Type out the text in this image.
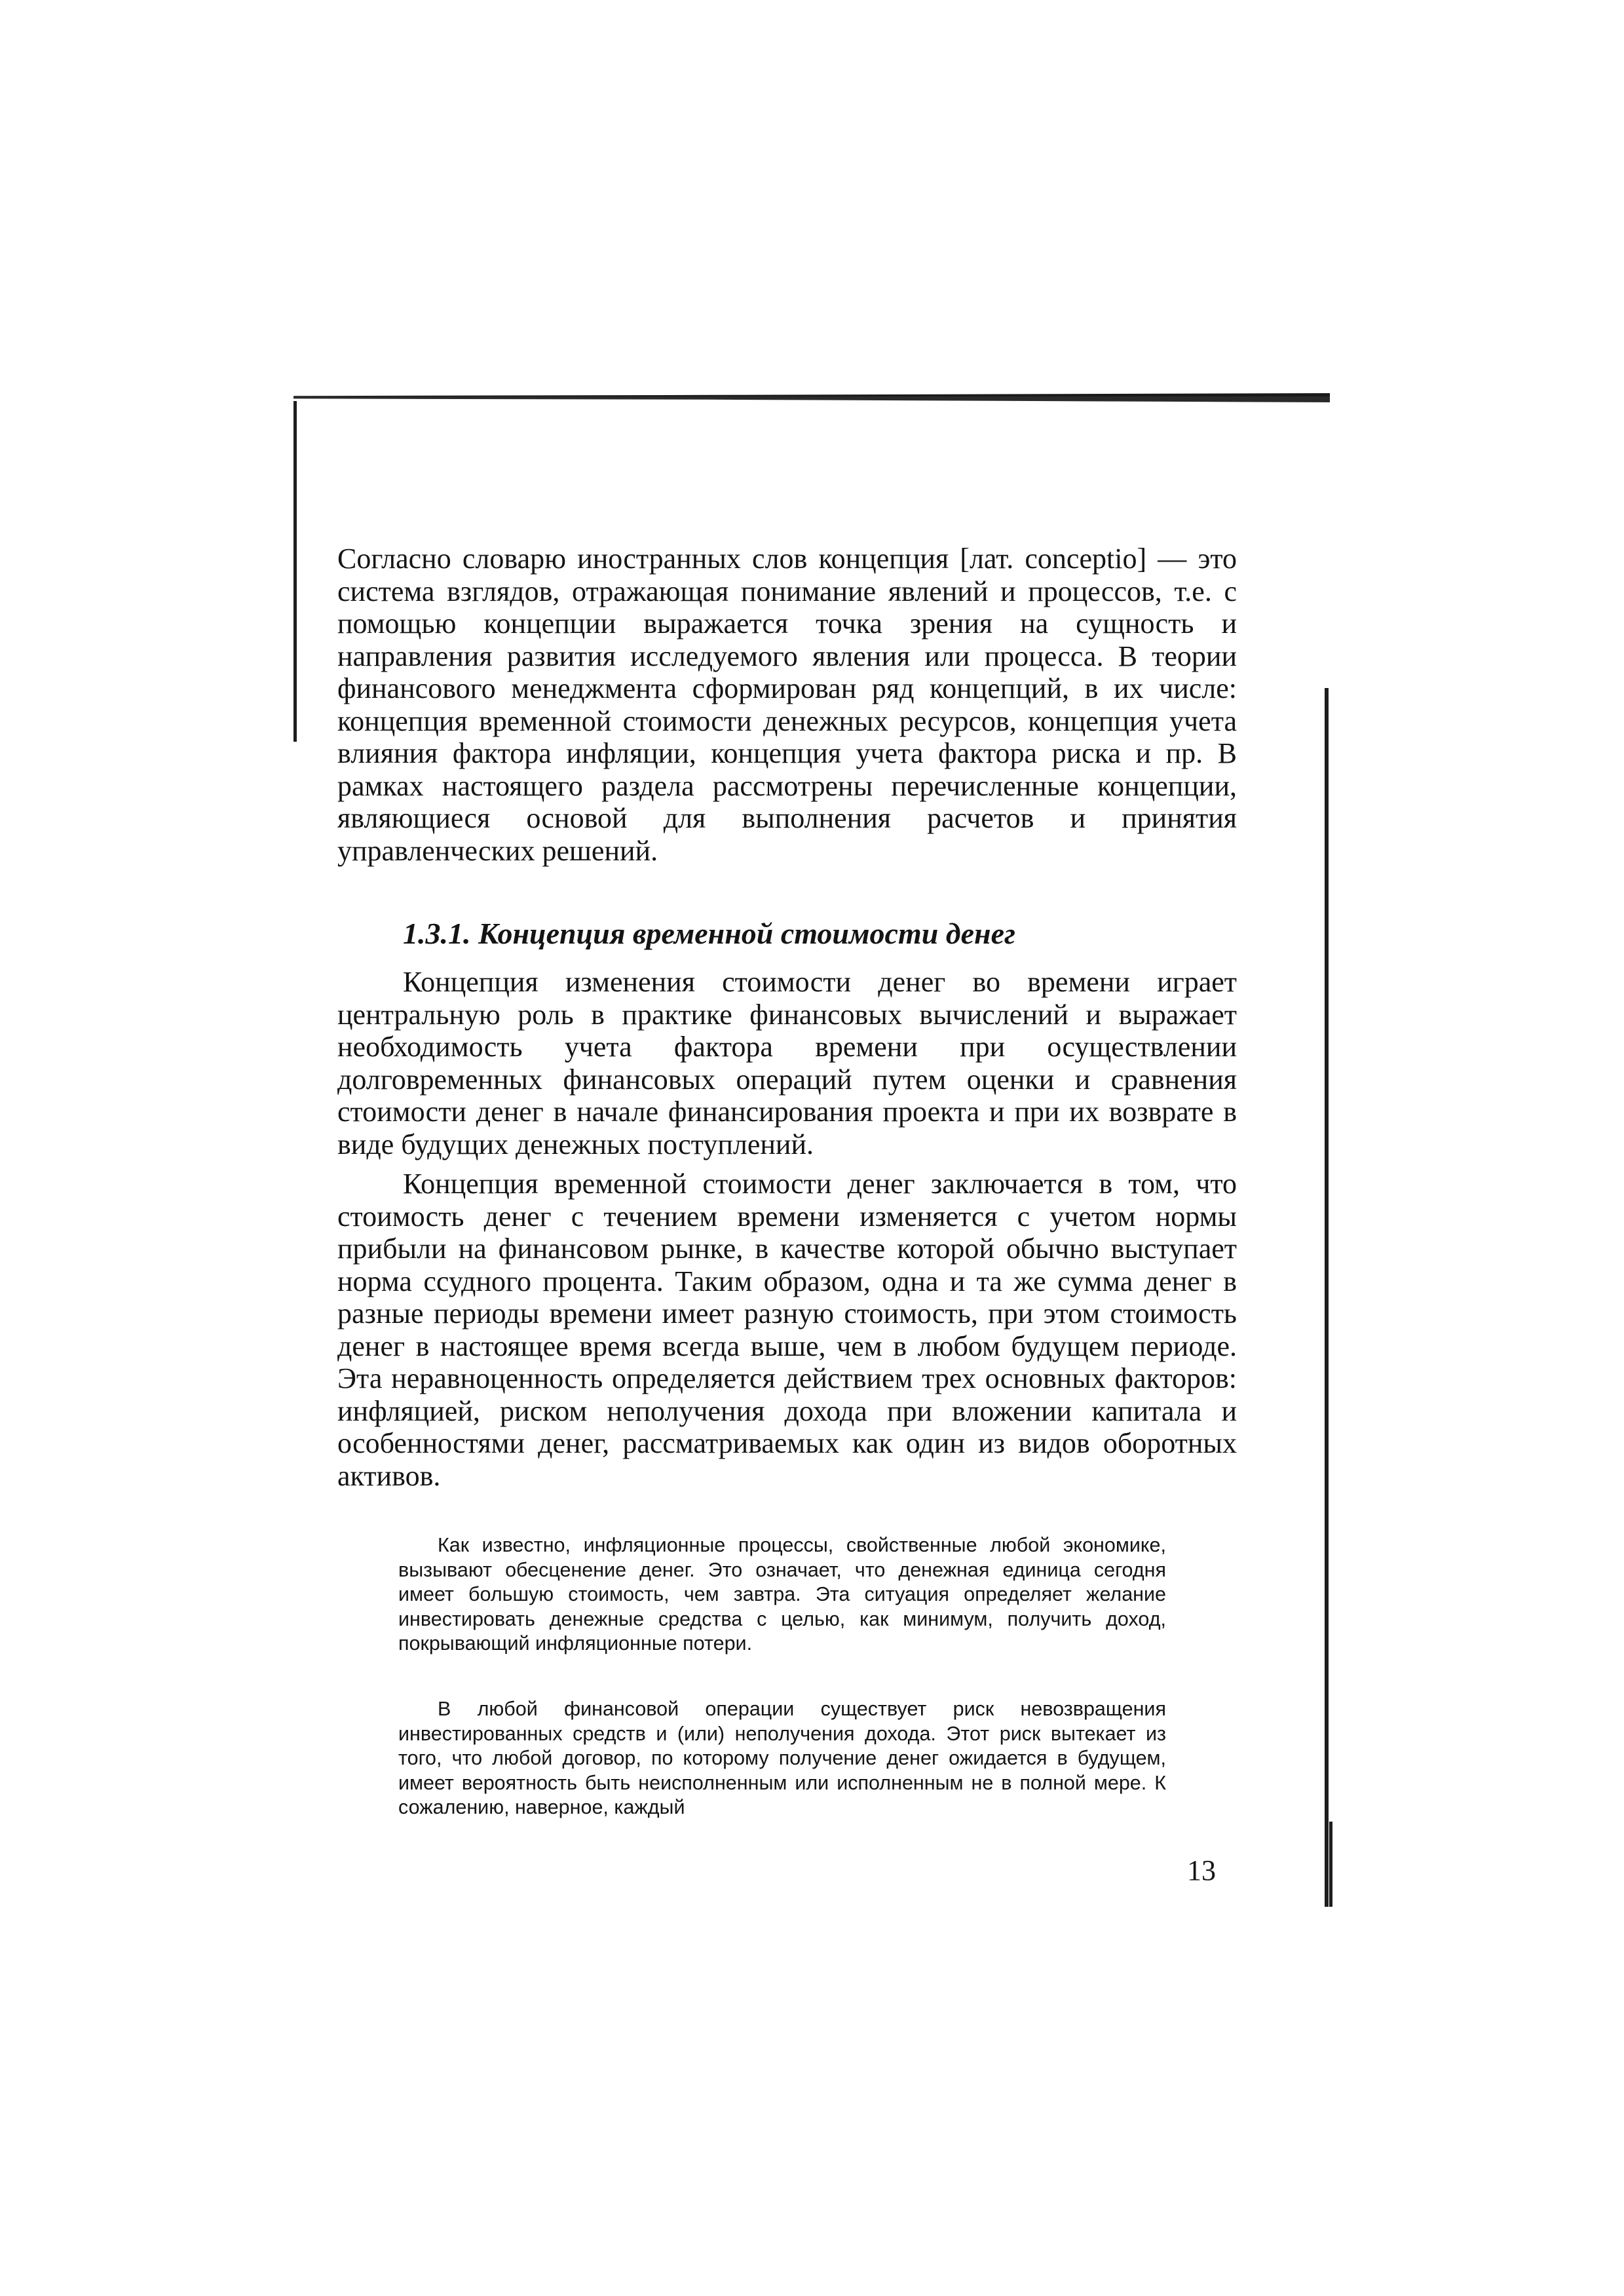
Согласно словарю иностранных слов концепция [лат. conceptio] — это система взглядов, отражающая понимание явлений и процессов, т.е. с помощью концепции выражается точка зрения на сущность и направления развития исследуемого явления или процесса. В теории финансового менеджмента сформирован ряд концепций, в их числе: концепция временной стоимости денежных ресурсов, концепция учета влияния фактора инфляции, концепция учета фактора риска и пр. В рамках настоящего раздела рассмотрены перечисленные концепции, являющиеся основой для выполнения расчетов и принятия управленческих решений.

1.3.1. Концепция временной стоимости денег

Концепция изменения стоимости денег во времени играет центральную роль в практике финансовых вычислений и выражает необходимость учета фактора времени при осуществлении долговременных финансовых операций путем оценки и сравнения стоимости денег в начале финансирования проекта и при их возврате в виде будущих денежных поступлений.

Концепция временной стоимости денег заключается в том, что стоимость денег с течением времени изменяется с учетом нормы прибыли на финансовом рынке, в качестве которой обычно выступает норма ссудного процента. Таким образом, одна и та же сумма денег в разные периоды времени имеет разную стоимость, при этом стоимость денег в настоящее время всегда выше, чем в любом будущем периоде. Эта неравноценность определяется действием трех основных факторов: инфляцией, риском неполучения дохода при вложении капитала и особенностями денег, рассматриваемых как один из видов оборотных активов.

Как известно, инфляционные процессы, свойственные любой экономике, вызывают обесценение денег. Это означает, что денежная единица сегодня имеет большую стоимость, чем завтра. Эта ситуация определяет желание инвестировать денежные средства с целью, как минимум, получить доход, покрывающий инфляционные потери.

В любой финансовой операции существует риск невозвращения инвестированных средств и (или) неполучения дохода. Этот риск вытекает из того, что любой договор, по которому получение денег ожидается в будущем, имеет вероятность быть неисполненным или исполненным не в полной мере. К сожалению, наверное, каждый

13
